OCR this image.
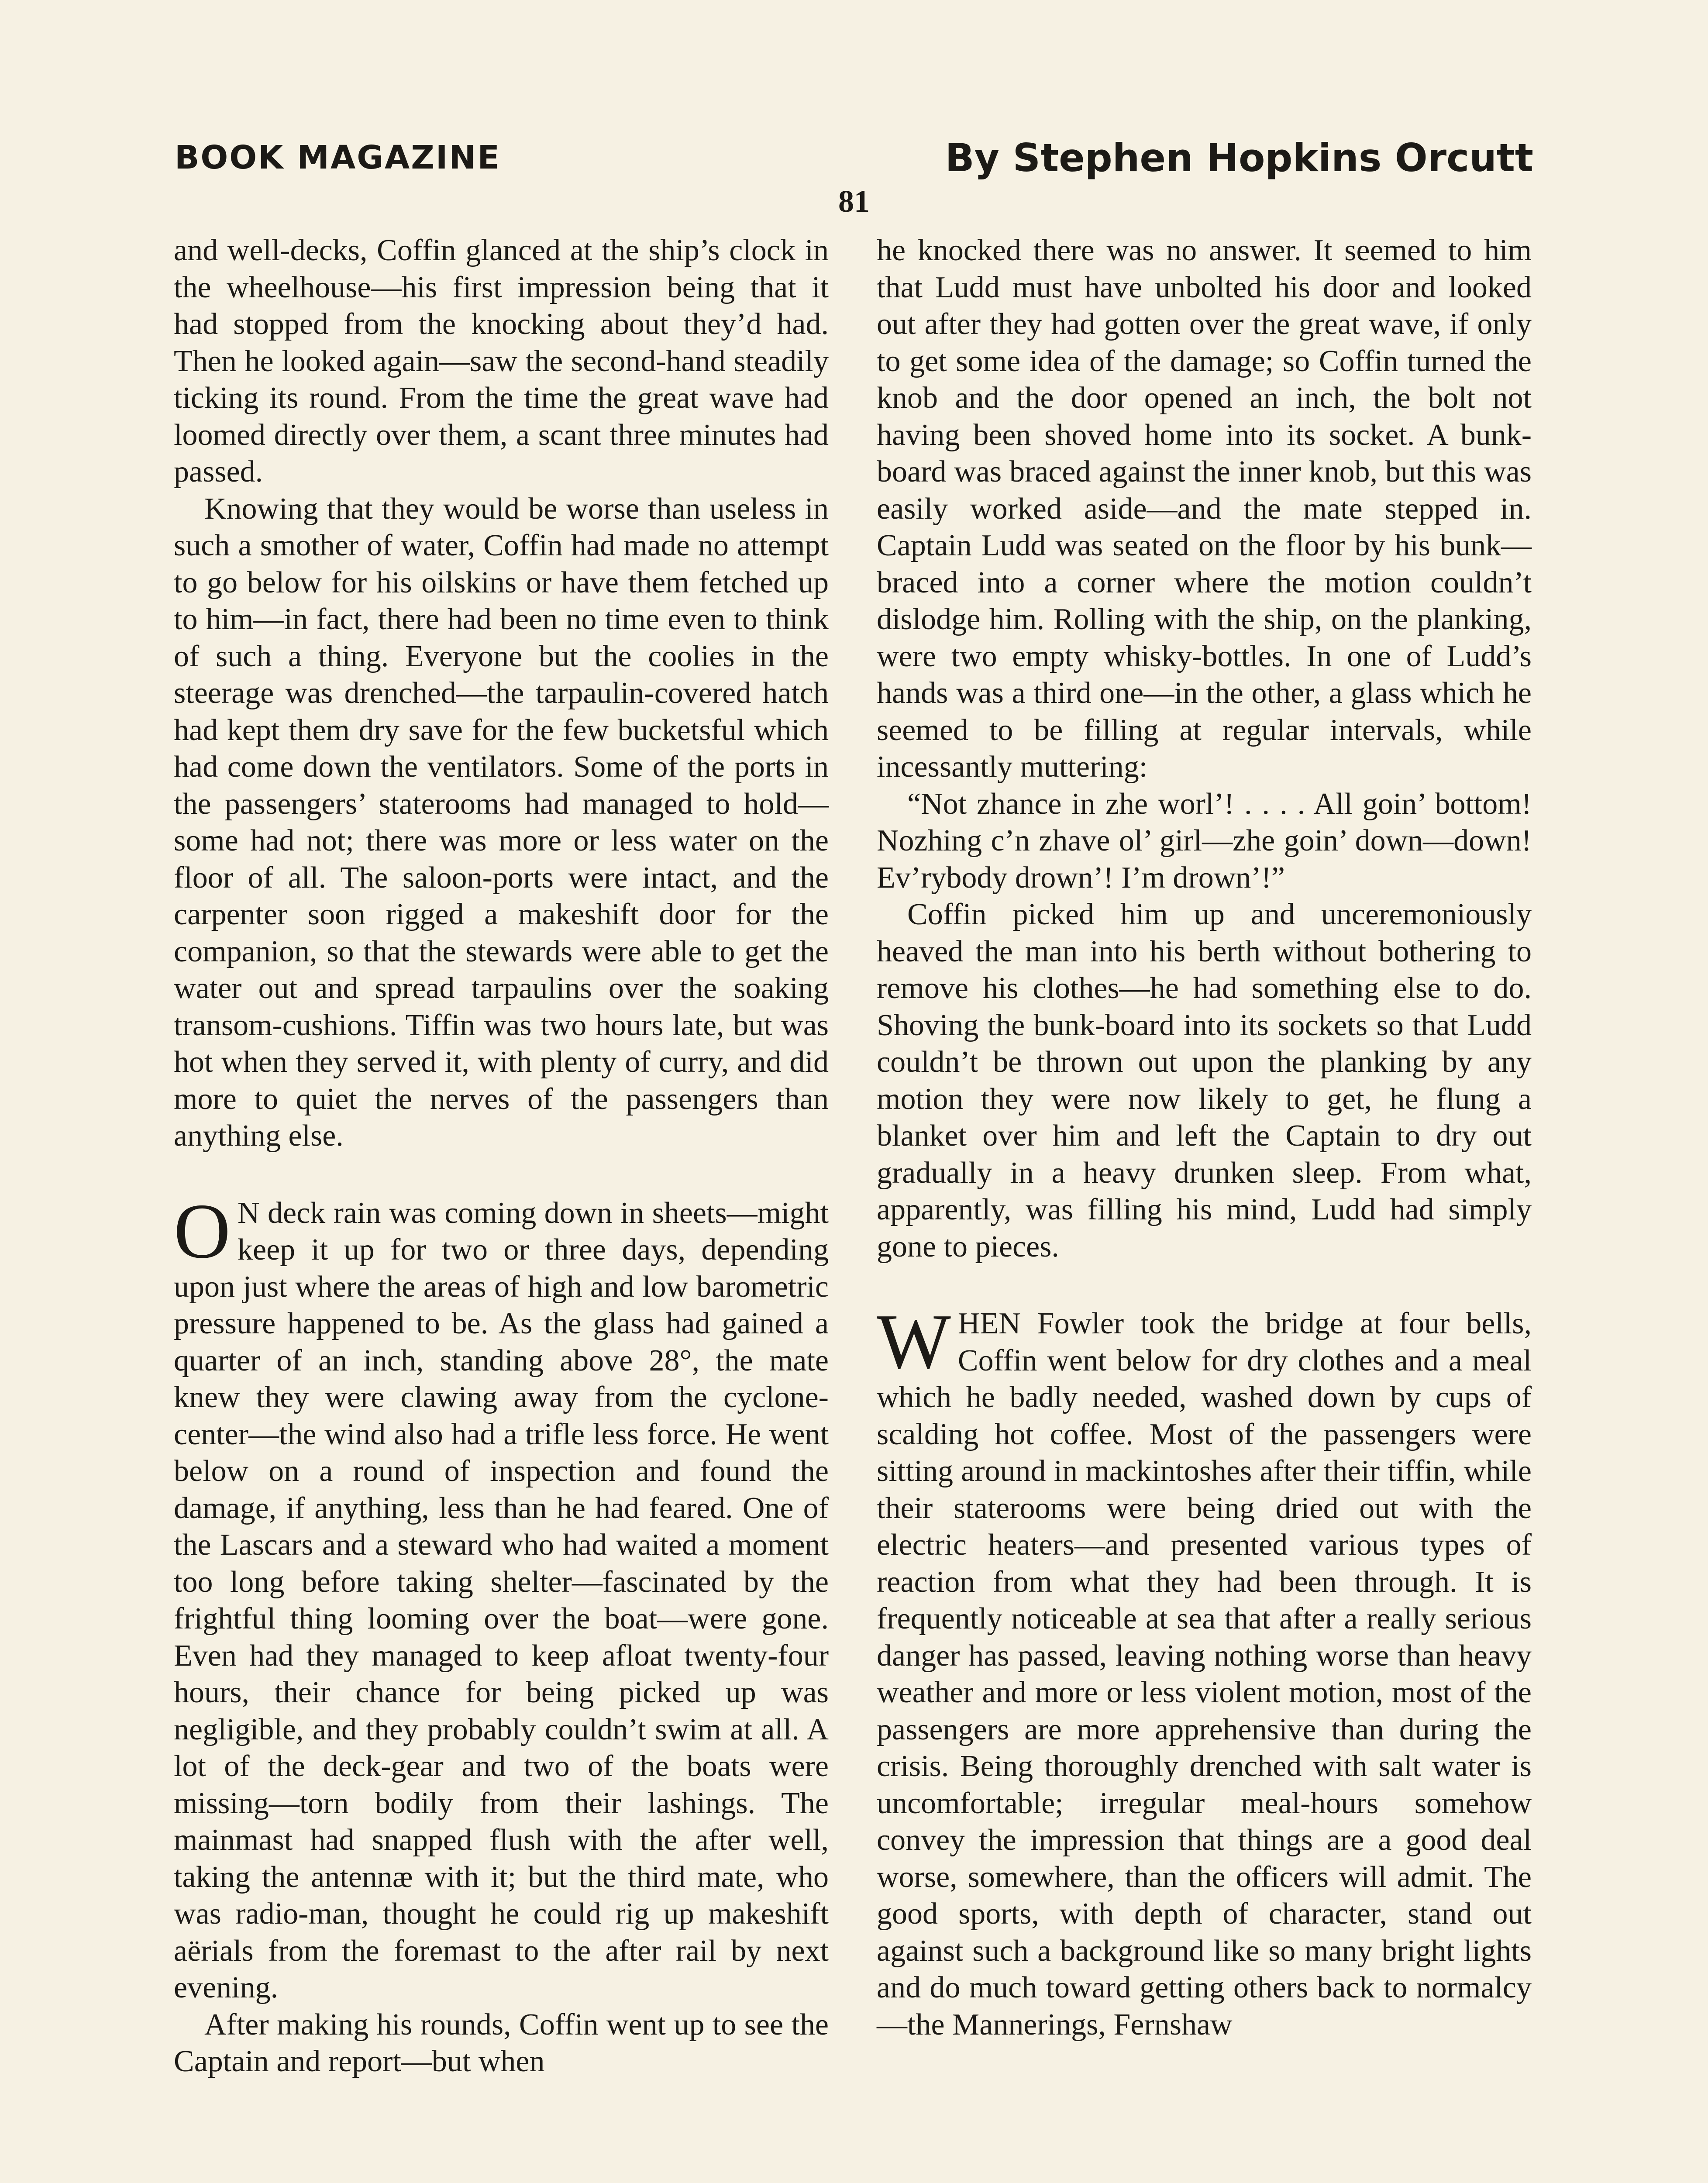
BOOK MAGAZINE	By Stephen Hopkins Orcutt
81

and well-decks, Coffin glanced at the ship’s clock in the wheelhouse—his first impression being that it had stopped from the knocking about they’d had. Then he looked again—saw the second-hand steadily ticking its round. From the time the great wave had loomed directly over them, a scant three minutes had passed.

Knowing that they would be worse than useless in such a smother of water, Coffin had made no attempt to go below for his oilskins or have them fetched up to him—in fact, there had been no time even to think of such a thing. Everyone but the coolies in the steerage was drenched—the tarpaulin-covered hatch had kept them dry save for the few bucketsful which had come down the ventilators. Some of the ports in the passengers’ staterooms had managed to hold—some had not; there was more or less water on the floor of all. The saloon-ports were intact, and the carpenter soon rigged a makeshift door for the companion, so that the stewards were able to get the water out and spread tarpaulins over the soaking transom-cushions. Tiffin was two hours late, but was hot when they served it, with plenty of curry, and did more to quiet the nerves of the passengers than anything else.

O N deck rain was coming down in sheets—might keep it up for two or three days, depending upon just where the areas of high and low barometric pressure happened to be. As the glass had gained a quarter of an inch, standing above 28°, the mate knew they were clawing away from the cyclone-center—the wind also had a trifle less force. He went below on a round of inspection and found the damage, if anything, less than he had feared. One of the Lascars and a steward who had waited a moment too long before taking shelter—fascinated by the frightful thing looming over the boat—were gone. Even had they managed to keep afloat twenty-four hours, their chance for being picked up was negligible, and they probably couldn’t swim at all. A lot of the deck-gear and two of the boats were missing—torn bodily from their lashings. The mainmast had snapped flush with the after well, taking the antennæ with it; but the third mate, who was radio-man, thought he could rig up makeshift aërials from the foremast to the after rail by next evening.

After making his rounds, Coffin went up to see the Captain and report—but when

he knocked there was no answer. It seemed to him that Ludd must have unbolted his door and looked out after they had gotten over the great wave, if only to get some idea of the damage; so Coffin turned the knob and the door opened an inch, the bolt not having been shoved home into its socket. A bunk-board was braced against the inner knob, but this was easily worked aside—and the mate stepped in. Captain Ludd was seated on the floor by his bunk—braced into a corner where the motion couldn’t dislodge him. Rolling with the ship, on the planking, were two empty whisky-bottles. In one of Ludd’s hands was a third one—in the other, a glass which he seemed to be filling at regular intervals, while incessantly muttering:

“Not zhance in zhe worl’! . . . . All goin’ bottom! Nozhing c’n zhave ol’ girl—zhe goin’ down—down! Ev’rybody drown’! I’m drown’!”

Coffin picked him up and unceremoniously heaved the man into his berth without bothering to remove his clothes—he had something else to do. Shoving the bunk-board into its sockets so that Ludd couldn’t be thrown out upon the planking by any motion they were now likely to get, he flung a blanket over him and left the Captain to dry out gradually in a heavy drunken sleep. From what, apparently, was filling his mind, Ludd had simply gone to pieces.

WHEN Fowler took the bridge at four bells, Coffin went below for dry clothes and a meal which he badly needed, washed down by cups of scalding hot coffee. Most of the passengers were sitting around in mackintoshes after their tiffin, while their staterooms were being dried out with the electric heaters—and presented various types of reaction from what they had been through. It is frequently noticeable at sea that after a really serious danger has passed, leaving nothing worse than heavy weather and more or less violent motion, most of the passengers are more apprehensive than during the crisis. Being thoroughly drenched with salt water is uncomfortable; irregular meal-hours somehow convey the impression that things are a good deal worse, somewhere, than the officers will admit. The good sports, with depth of character, stand out against such a background like so many bright lights and do much toward getting others back to normalcy—the Mannerings, Fernshaw
